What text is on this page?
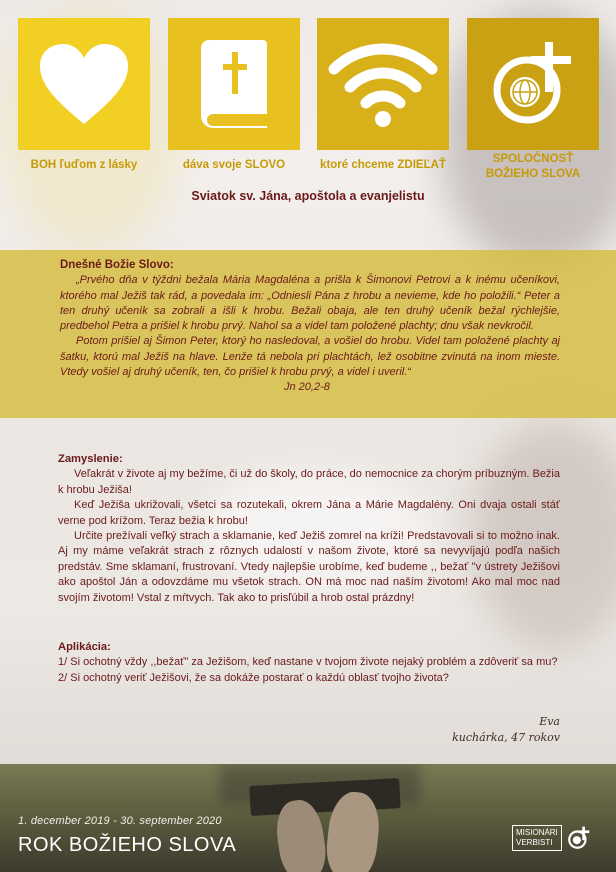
BOH ľuďom z lásky	dáva svoje SLOVO	ktoré chceme ZDIEĽAŤ	SPOLOČNOSŤ BOŽIEHO SLOVA
Sviatok sv. Jána, apoštola a evanjelistu
Dnešné Božie Slovo:

„Prvého dňa v týždni bežala Mária Magdaléna a prišla k Šimonovi Petrovi a k inému učeníkovi, ktorého mal Ježiš tak rád, a povedala im: „Odniesli Pána z hrobu a nevieme, kde ho položili.“ Peter a ten druhý učeník sa zobrali a išli k hrobu. Bežali obaja, ale ten druhý učeník bežal rýchlejšie, predbehol Petra a prišiel k hrobu prvý. Nahol sa a videl tam položené plachty; dnu však nevkročil.

Potom prišiel aj Šimon Peter, ktorý ho nasledoval, a vošiel do hrobu. Videl tam položené plachty aj šatku, ktorú mal Ježiš na hlave. Lenže tá nebola pri plachtách, lež osobitne zvinutá na inom mieste. Vtedy vošiel aj druhý učeník, ten, čo prišiel k hrobu prvý, a videl i uveril.“

Jn 20,2-8
Zamyslenie:

Veľakrát v živote aj my bežíme, či už do školy, do práce, do nemocnice za chorým príbuzným. Bežia k hrobu Ježiša!

Keď Ježiša ukrižovali, všetci sa rozutekali, okrem Jána a Márie Magdalény. Oni dvaja ostali stáť verne pod krížom. Teraz bežia k hrobu!

Určite prežívali veľký strach a sklamanie, keď Ježiš zomrel na kríži! Predstavovali si to možno inak. Aj my máme veľakrát strach z rôznych udalostí v našom živote, ktoré sa nevyvíjajú podľa našich predstáv. Sme sklamaní, frustrovaní. Vtedy najlepšie urobíme, keď budeme ,, bežať "v ústrety Ježišovi ako apoštol Ján a odovzdáme mu všetok strach. ON má moc nad naším životom! Ako mal moc nad svojím životom! Vstal z mŕtvych. Tak ako to prisľúbil a hrob ostal prázdny!

Aplikácia:
1/ Si ochotný vždy ,,bežať" za Ježišom, keď nastane v tvojom živote nejaký problém a zdôveriť sa mu?
2/ Si ochotný veriť Ježišovi, že sa dokáže postarať o každú oblasť tvojho života?
Eva
kuchárka, 47 rokov
1. december 2019 - 30. september 2020
ROK BOŽIEHO SLOVA
MISIONÁRI
VERBISTI
